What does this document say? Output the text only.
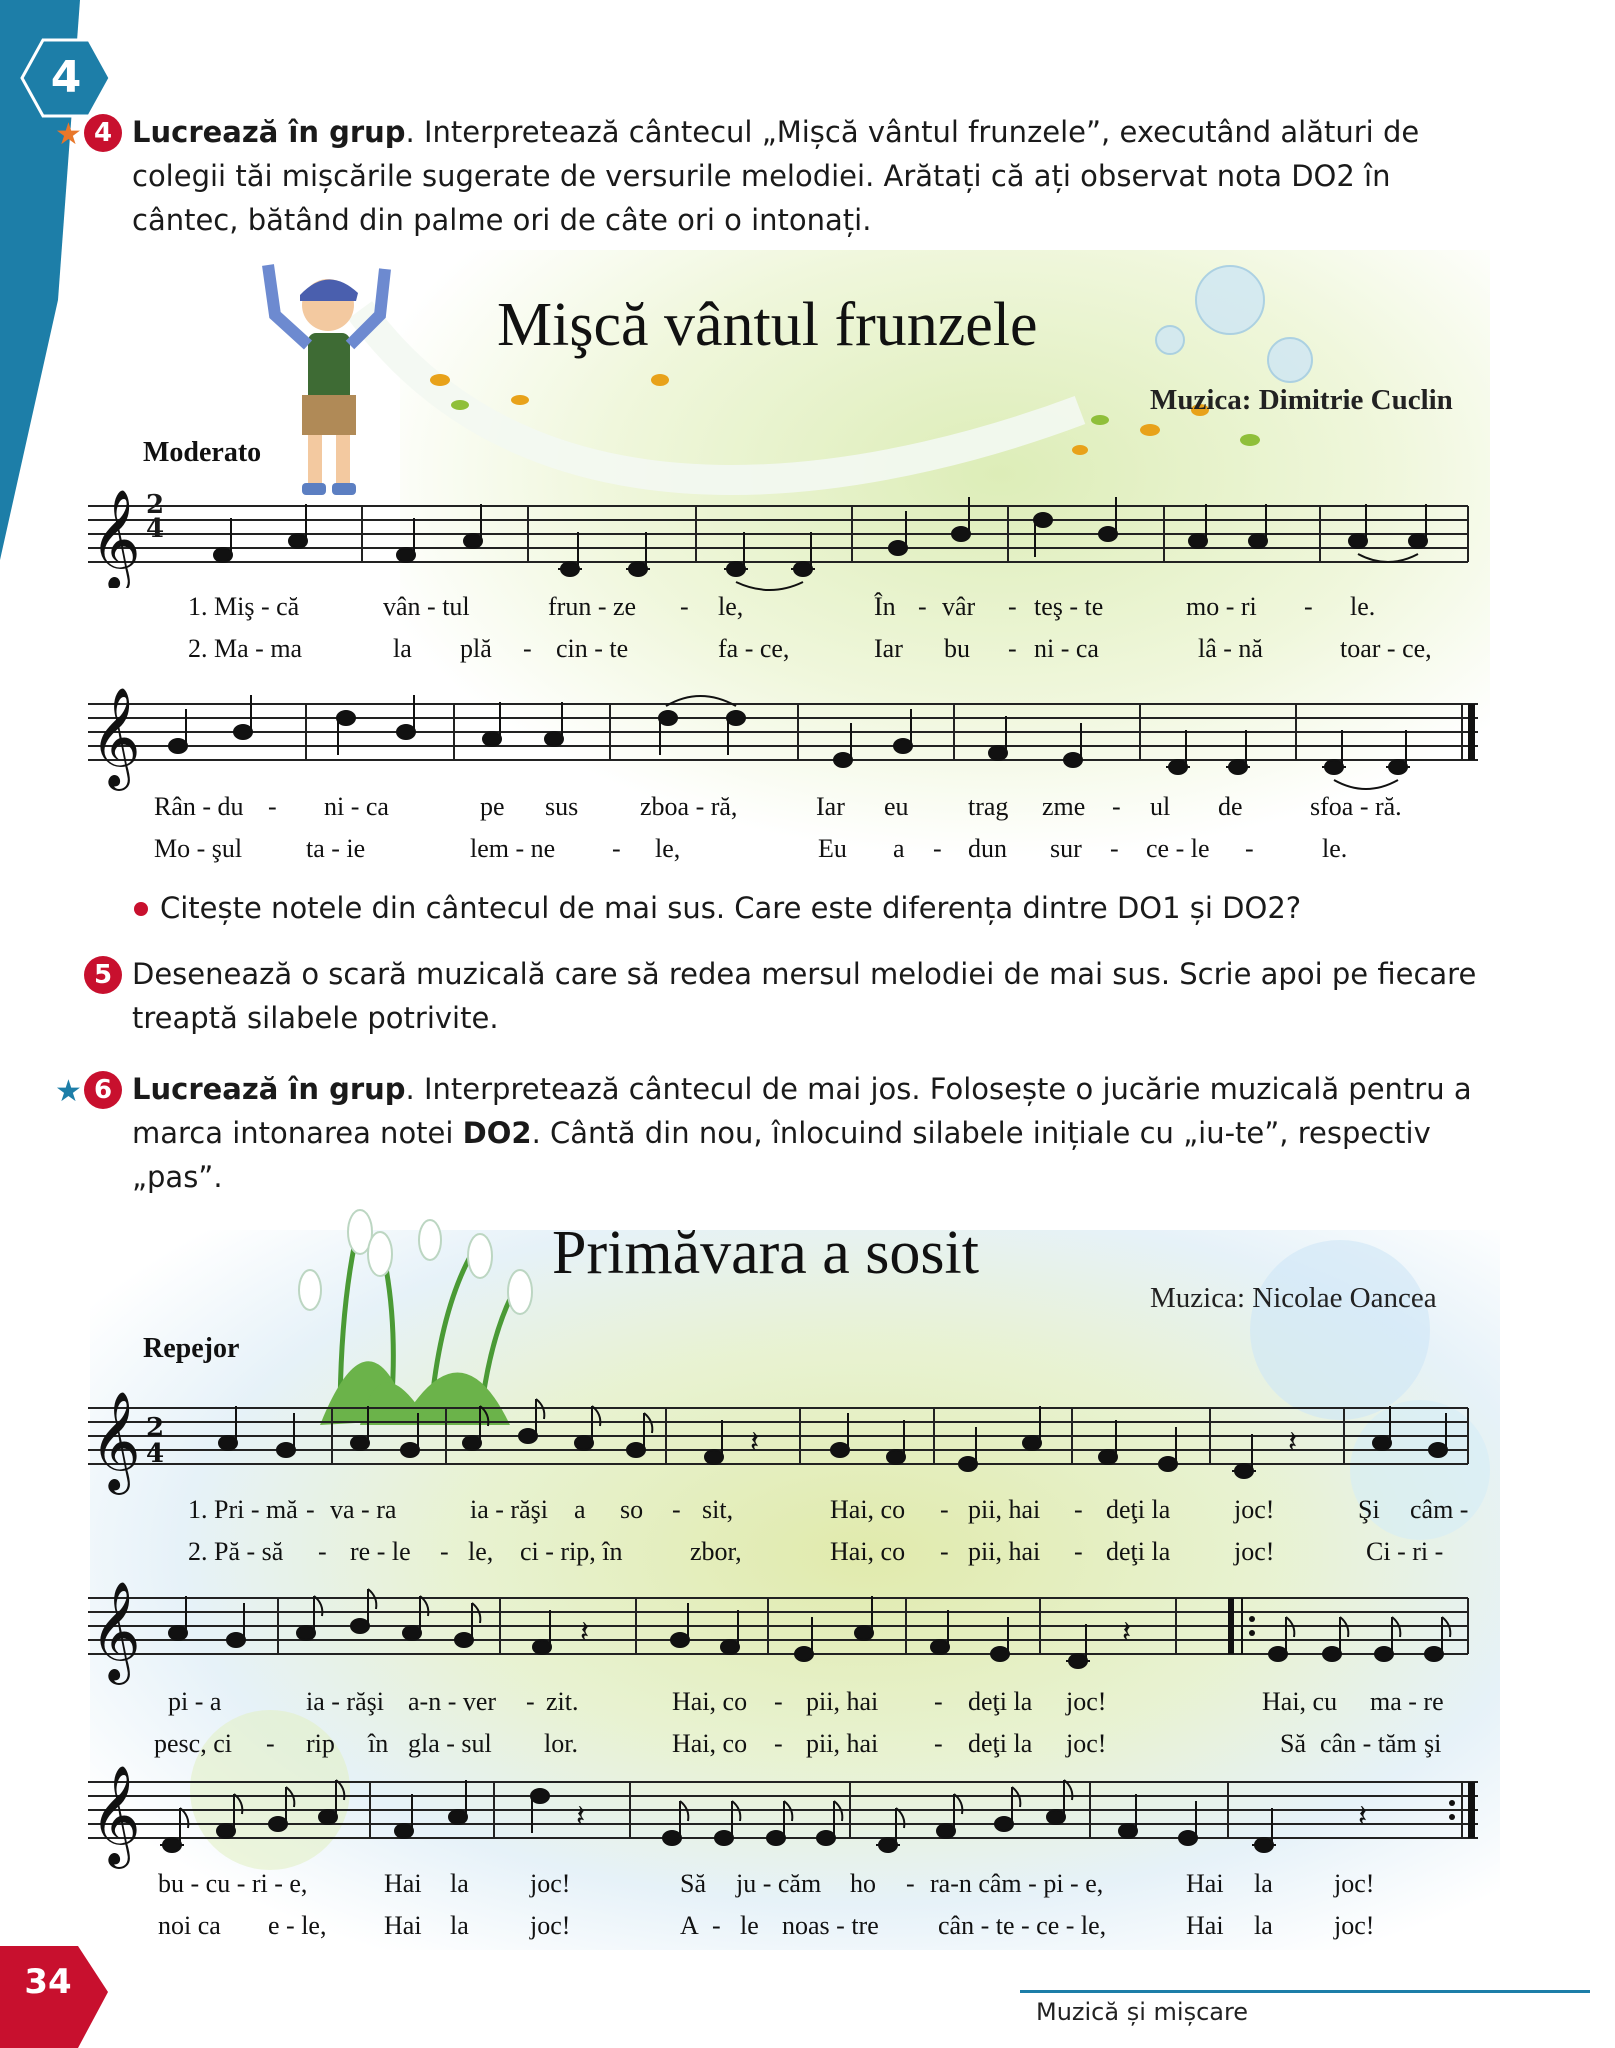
4
★ 4 Lucrează în grup. Interpretează cântecul „Mișcă vântul frunzele”, executând alături de colegii tăi mișcările sugerate de versurile melodiei. Arătați că ați observat nota DO2 în cântec, bătând din palme ori de câte ori o intonați.
Mişcă vântul frunzele
Muzica: Dimitrie Cuclin
Moderato
𝄞 2
4
1. Miş - că	vân - tul	frun - ze - le,	În - vâr - teş - te	mo - ri - le.
2. Ma - ma	la plă - cin - te	fa - ce,	Iar bu - ni - ca	lâ - nă	toar - ce,
𝄞
Rân - du - ni - ca	pe sus zboa - ră,	Iar eu trag zme - ul de	sfoa - ră.
Mo - şul ta - ie	lem - ne - le,	Eu a - dun sur - ce - le -	le.
Citește notele din cântecul de mai sus. Care este diferența dintre DO1 și DO2?
5 Desenează o scară muzicală care să redea mersul melodiei de mai sus. Scrie apoi pe fiecare treaptă silabele potrivite.
★ 6 Lucrează în grup. Interpretează cântecul de mai jos. Folosește o jucărie muzicală pentru a marca intonarea notei DO2. Cântă din nou, înlocuind silabele inițiale cu „iu-te”, respectiv „pas”.
Primăvara a sosit
Muzica: Nicolae Oancea
Repejor
𝄞 2
4	𝄽	𝄽
1. Pri - mă - va - ra	ia - răşi a so - sit,	Hai, co - pii, hai - deţi la joc!	Şi câm -
2. Pă - să - re - le - le, ci - rip, în	zbor,	Hai, co - pii, hai - deţi la joc!	Ci - ri -
𝄞	𝄽	𝄽
pi - a	ia - răşi a-n - ver - zit.	Hai, co - pii, hai - deţi la joc!	Hai, cu ma - re
pesc, ci - rip în gla - sul lor.	Hai, co - pii, hai - deţi la joc!	Să cân - tăm şi
𝄞	𝄽	𝄽
bu - cu - ri - e,	Hai la joc!	Să ju - căm ho - ra-n câm - pi - e,	Hai la joc!
noi ca e - le, Hai la joc!	A - le noas - tre cân - te - ce - le,	Hai la joc!
34
Muzică și mișcare
